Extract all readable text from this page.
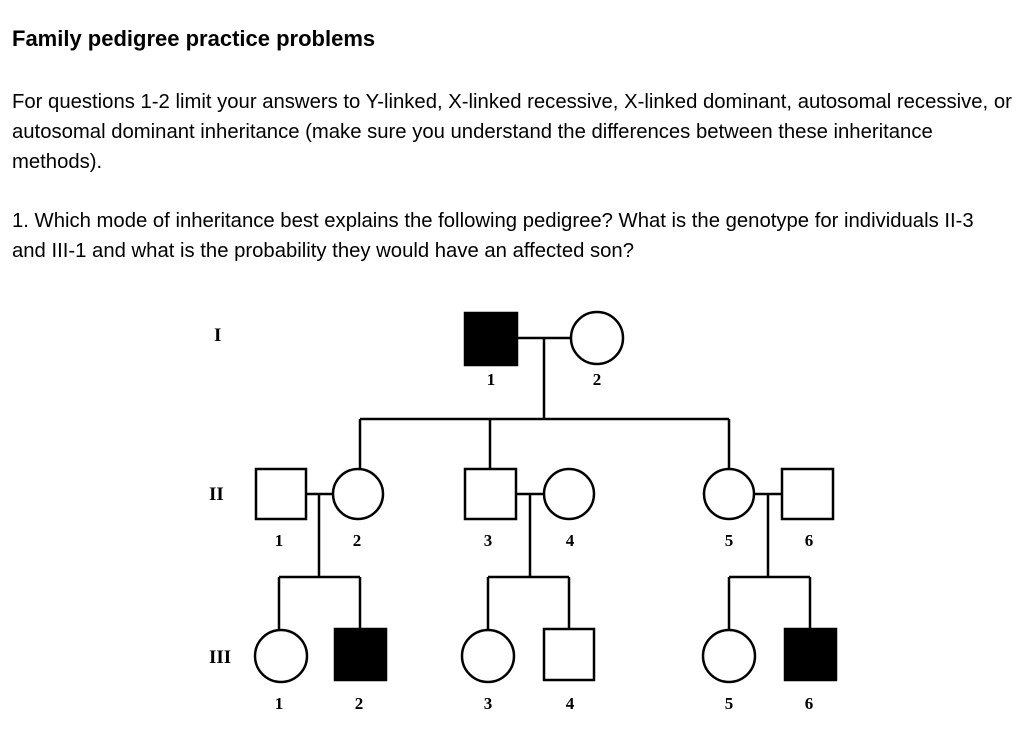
Family pedigree practice problems

For questions 1-2 limit your answers to Y-linked, X-linked recessive, X-linked dominant, autosomal recessive, or autosomal dominant inheritance (make sure you understand the differences between these inheritance methods).

1. Which mode of inheritance best explains the following pedigree? What is the genotype for individuals II-3 and III-1 and what is the probability they would have an affected son?

I
II
III
1	2
1	2	3	4	5	6
1	2	3	4	5	6
